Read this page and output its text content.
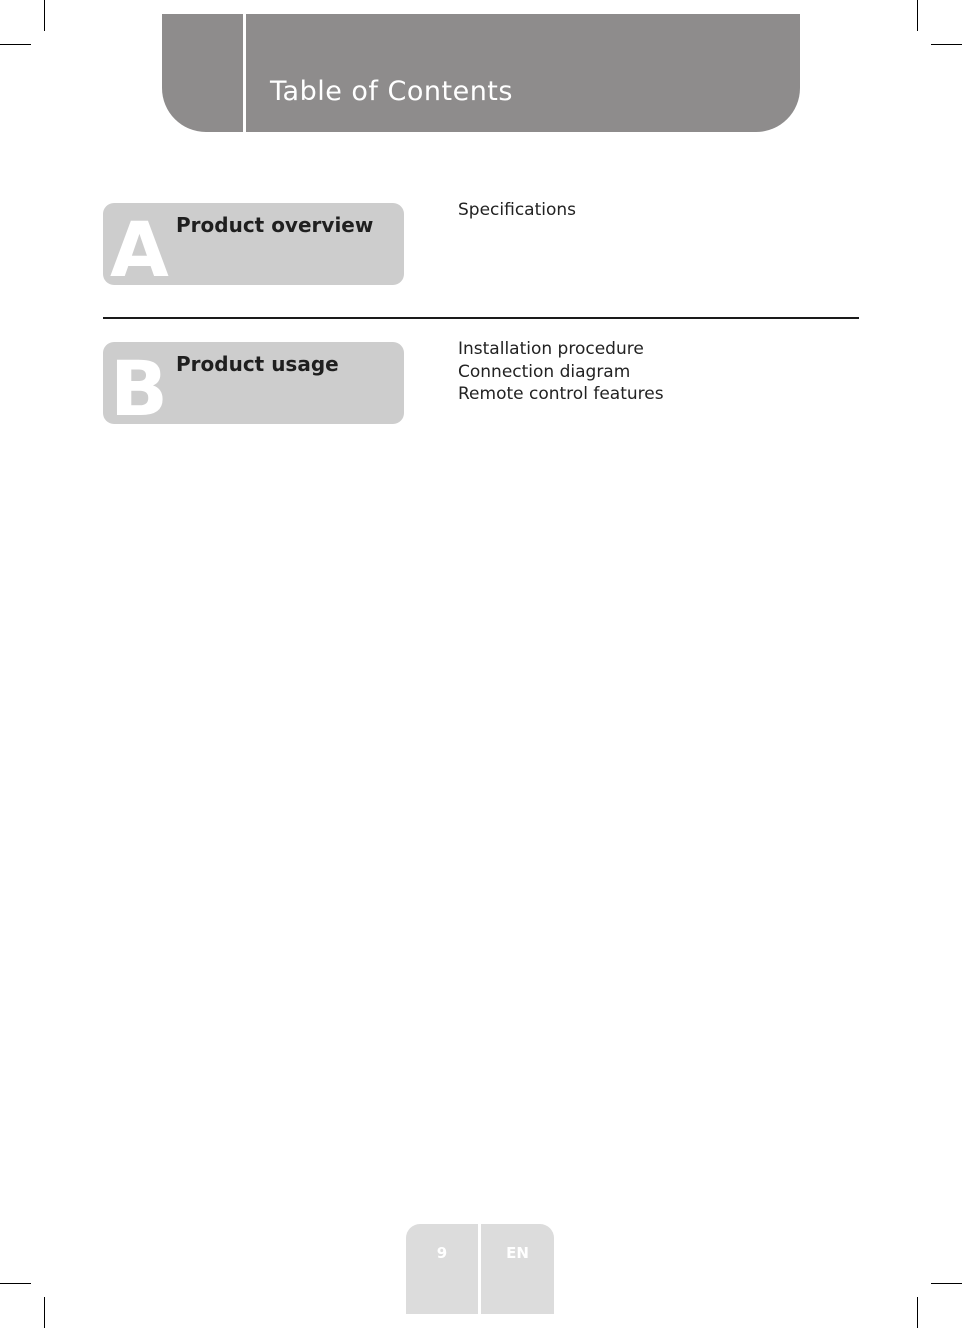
Table of Contents
A Product overview
Specifications
B Product usage
Installation procedure
Connection diagram
Remote control features
9	EN
